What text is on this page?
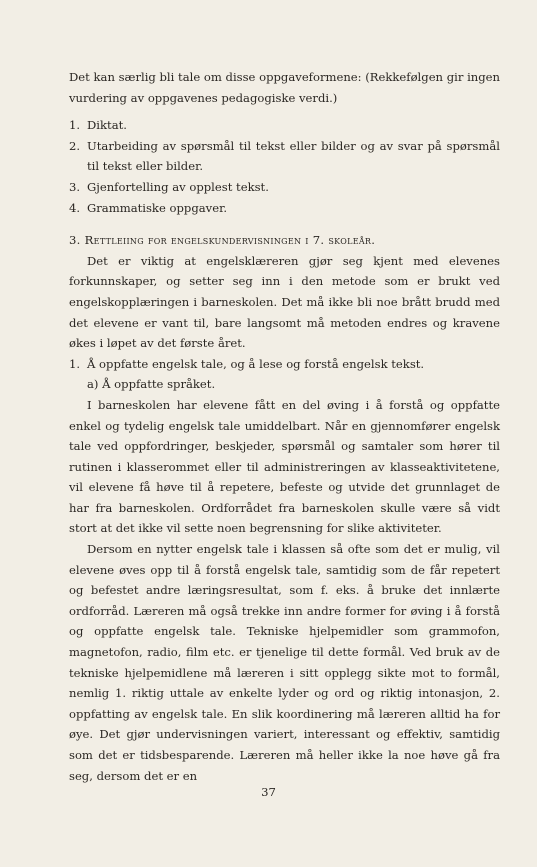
Det kan særlig bli tale om disse oppgaveformene: (Rekkefølgen gir ingen vurdering av oppgavenes pedagogiske verdi.)

1. Diktat.
2. Utarbeiding av spørsmål til tekst eller bilder og av svar på spørsmål til tekst eller bilder.
3. Gjenfortelling av opplest tekst.
4. Grammatiske oppgaver.

3. Rettleiing for engelskundervisningen i 7. skoleår.

Det er viktig at engelsklæreren gjør seg kjent med elevenes forkunnskaper, og setter seg inn i den metode som er brukt ved engelskopplæringen i barneskolen. Det må ikke bli noe brått brudd med det elevene er vant til, bare langsomt må metoden endres og kravene økes i løpet av det første året.

1. Å oppfatte engelsk tale, og å lese og forstå engelsk tekst.

a) Å oppfatte språket.

I barneskolen har elevene fått en del øving i å forstå og oppfatte enkel og tydelig engelsk tale umiddelbart. Når en gjennomfører engelsk tale ved oppfordringer, beskjeder, spørsmål og samtaler som hører til rutinen i klasserommet eller til administreringen av klasseaktivitetene, vil elevene få høve til å repetere, befeste og utvide det grunnlaget de har fra barneskolen. Ordforrådet fra barneskolen skulle være så vidt stort at det ikke vil sette noen begrensning for slike aktiviteter.

Dersom en nytter engelsk tale i klassen så ofte som det er mulig, vil elevene øves opp til å forstå engelsk tale, samtidig som de får repetert og befestet andre læringsresultat, som f. eks. å bruke det innlærte ordforråd. Læreren må også trekke inn andre former for øving i å forstå og oppfatte engelsk tale. Tekniske hjelpemidler som grammofon, magnetofon, radio, film etc. er tjenelige til dette formål. Ved bruk av de tekniske hjelpemidlene må læreren i sitt opplegg sikte mot to formål, nemlig 1. riktig uttale av enkelte lyder og ord og riktig intonasjon, 2. oppfatting av engelsk tale. En slik koordinering må læreren alltid ha for øye. Det gjør undervisningen variert, interessant og effektiv, samtidig som det er tidsbesparende. Læreren må heller ikke la noe høve gå fra seg, dersom det er en

37
